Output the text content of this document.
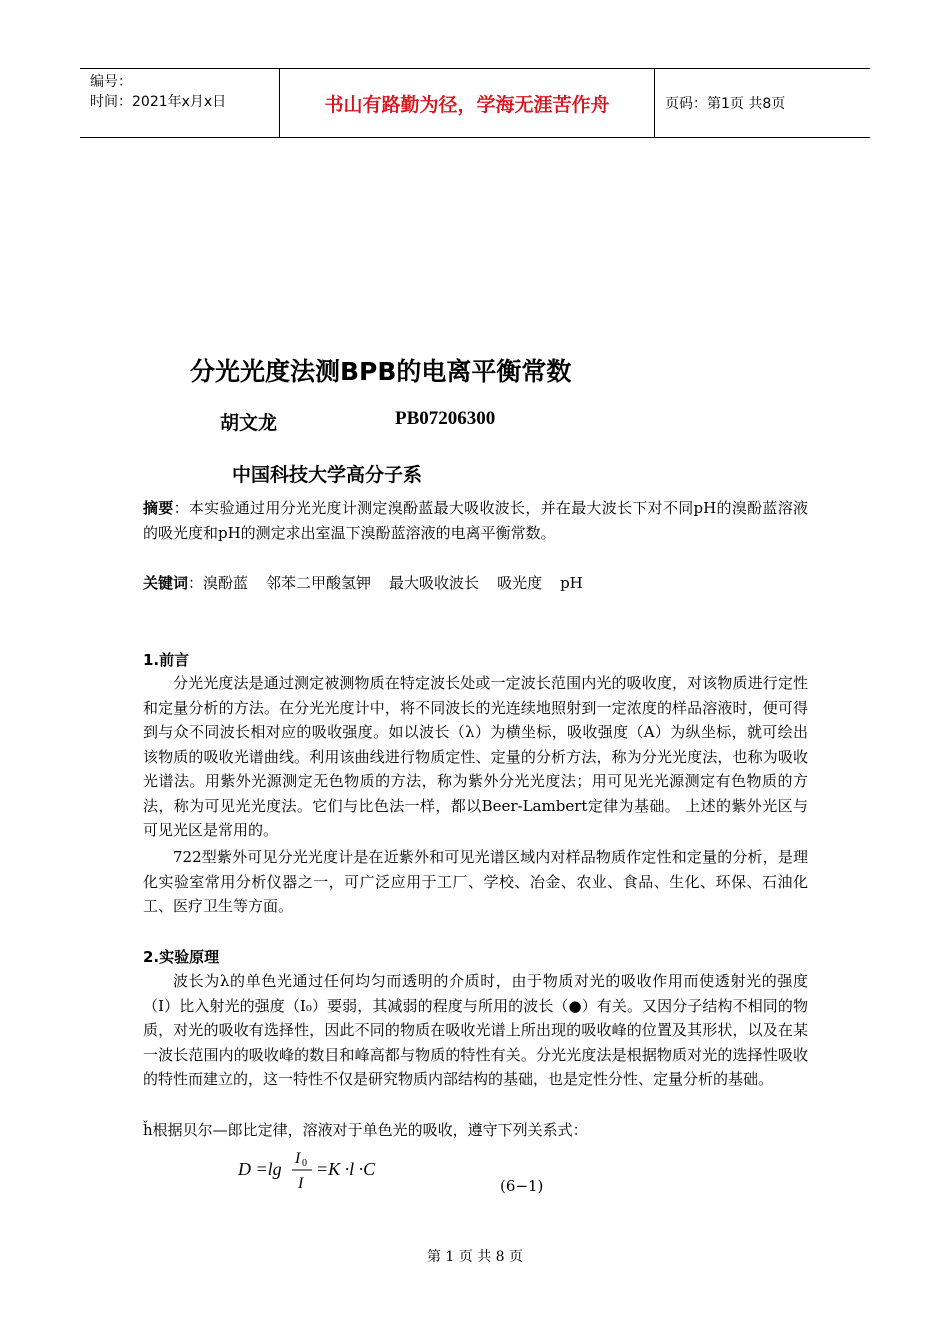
编号：
时间：2021年x月x日	书山有路勤为径，学海无涯苦作舟	页码：第1页 共8页
分光光度法测BPB的电离平衡常数
胡文龙	PB07206300
中国科技大学高分子系
摘要：本实验通过用分光光度计测定溴酚蓝最大吸收波长，并在最大波长下对不同pH的溴酚蓝溶液的吸光度和pH的测定求出室温下溴酚蓝溶液的电离平衡常数。
关键词：溴酚蓝 邻苯二甲酸氢钾 最大吸收波长 吸光度 pH
1.前言
分光光度法是通过测定被测物质在特定波长处或一定波长范围内光的吸收度，对该物质进行定性和定量分析的方法。在分光光度计中，将不同波长的光连续地照射到一定浓度的样品溶液时，便可得到与众不同波长相对应的吸收强度。如以波长（λ）为横坐标，吸收强度（A）为纵坐标，就可绘出该物质的吸收光谱曲线。利用该曲线进行物质定性、定量的分析方法，称为分光光度法，也称为吸收光谱法。用紫外光源测定无色物质的方法，称为紫外分光光度法；用可见光光源测定有色物质的方法，称为可见光光度法。它们与比色法一样，都以Beer-Lambert定律为基础。 上述的紫外光区与可见光区是常用的。
722型紫外可见分光光度计是在近紫外和可见光谱区域内对样品物质作定性和定量的分析，是理化实验室常用分析仪器之一，可广泛应用于工厂、学校、冶金、农业、食品、生化、环保、石油化工、医疗卫生等方面。
2.实验原理
波长为λ的单色光通过任何均匀而透明的介质时，由于物质对光的吸收作用而使透射光的强度（I）比入射光的强度（I₀）要弱，其减弱的程度与所用的波长（●）有关。又因分子结构不相同的物质，对光的吸收有选择性，因此不同的物质在吸收光谱上所出现的吸收峰的位置及其形状，以及在某一波长范围内的吸收峰的数目和峰高都与物质的特性有关。分光光度法是根据物质对光的选择性吸收的特性而建立的，这一特性不仅是研究物质内部结构的基础，也是定性分性、定量分析的基础。
ȟ根据贝尔—郎比定律，溶液对于单色光的吸收，遵守下列关系式：
D =lg
I 0
I
=K ·l ·C
(6−1)
第 1 页 共 8 页
